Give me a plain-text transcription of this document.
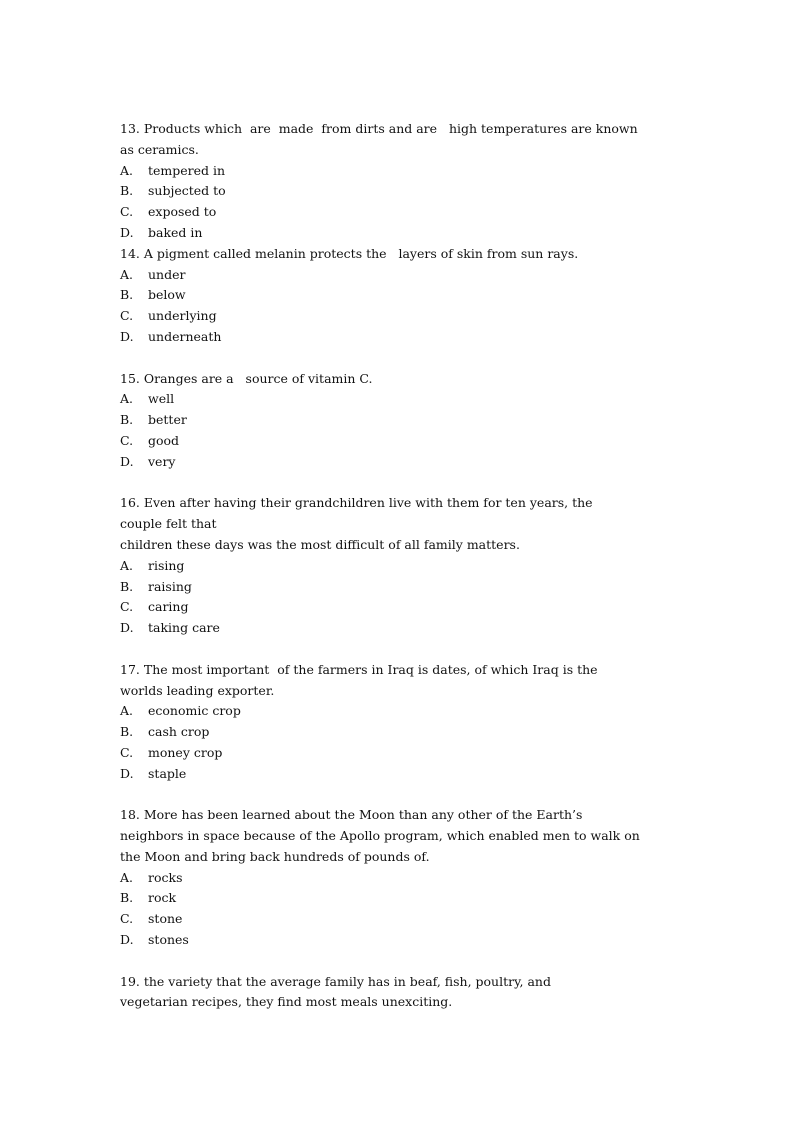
13. Products which  are  made  from dirts and are   high temperatures are known
as ceramics.
A.	tempered in
B.	subjected to
C.	exposed to
D.	baked in
14. A pigment called melanin protects the   layers of skin from sun rays.
A.	under
B.	below
C.	underlying
D.	underneath
15. Oranges are a   source of vitamin C.
A.	well
B.	better
C.	good
D.	very
16. Even after having their grandchildren live with them for ten years, the
couple felt that
children these days was the most difficult of all family matters.
A.	rising
B.	raising
C.	caring
D.	taking care
17. The most important  of the farmers in Iraq is dates, of which Iraq is the
worlds leading exporter.
A.	economic crop
B.	cash crop
C.	money crop
D.	staple
18. More has been learned about the Moon than any other of the Earth’s
neighbors in space because of the Apollo program, which enabled men to walk on
the Moon and bring back hundreds of pounds of.
A.	rocks
B.	rock
C.	stone
D.	stones
19. the variety that the average family has in beaf, fish, poultry, and
vegetarian recipes, they find most meals unexciting.
